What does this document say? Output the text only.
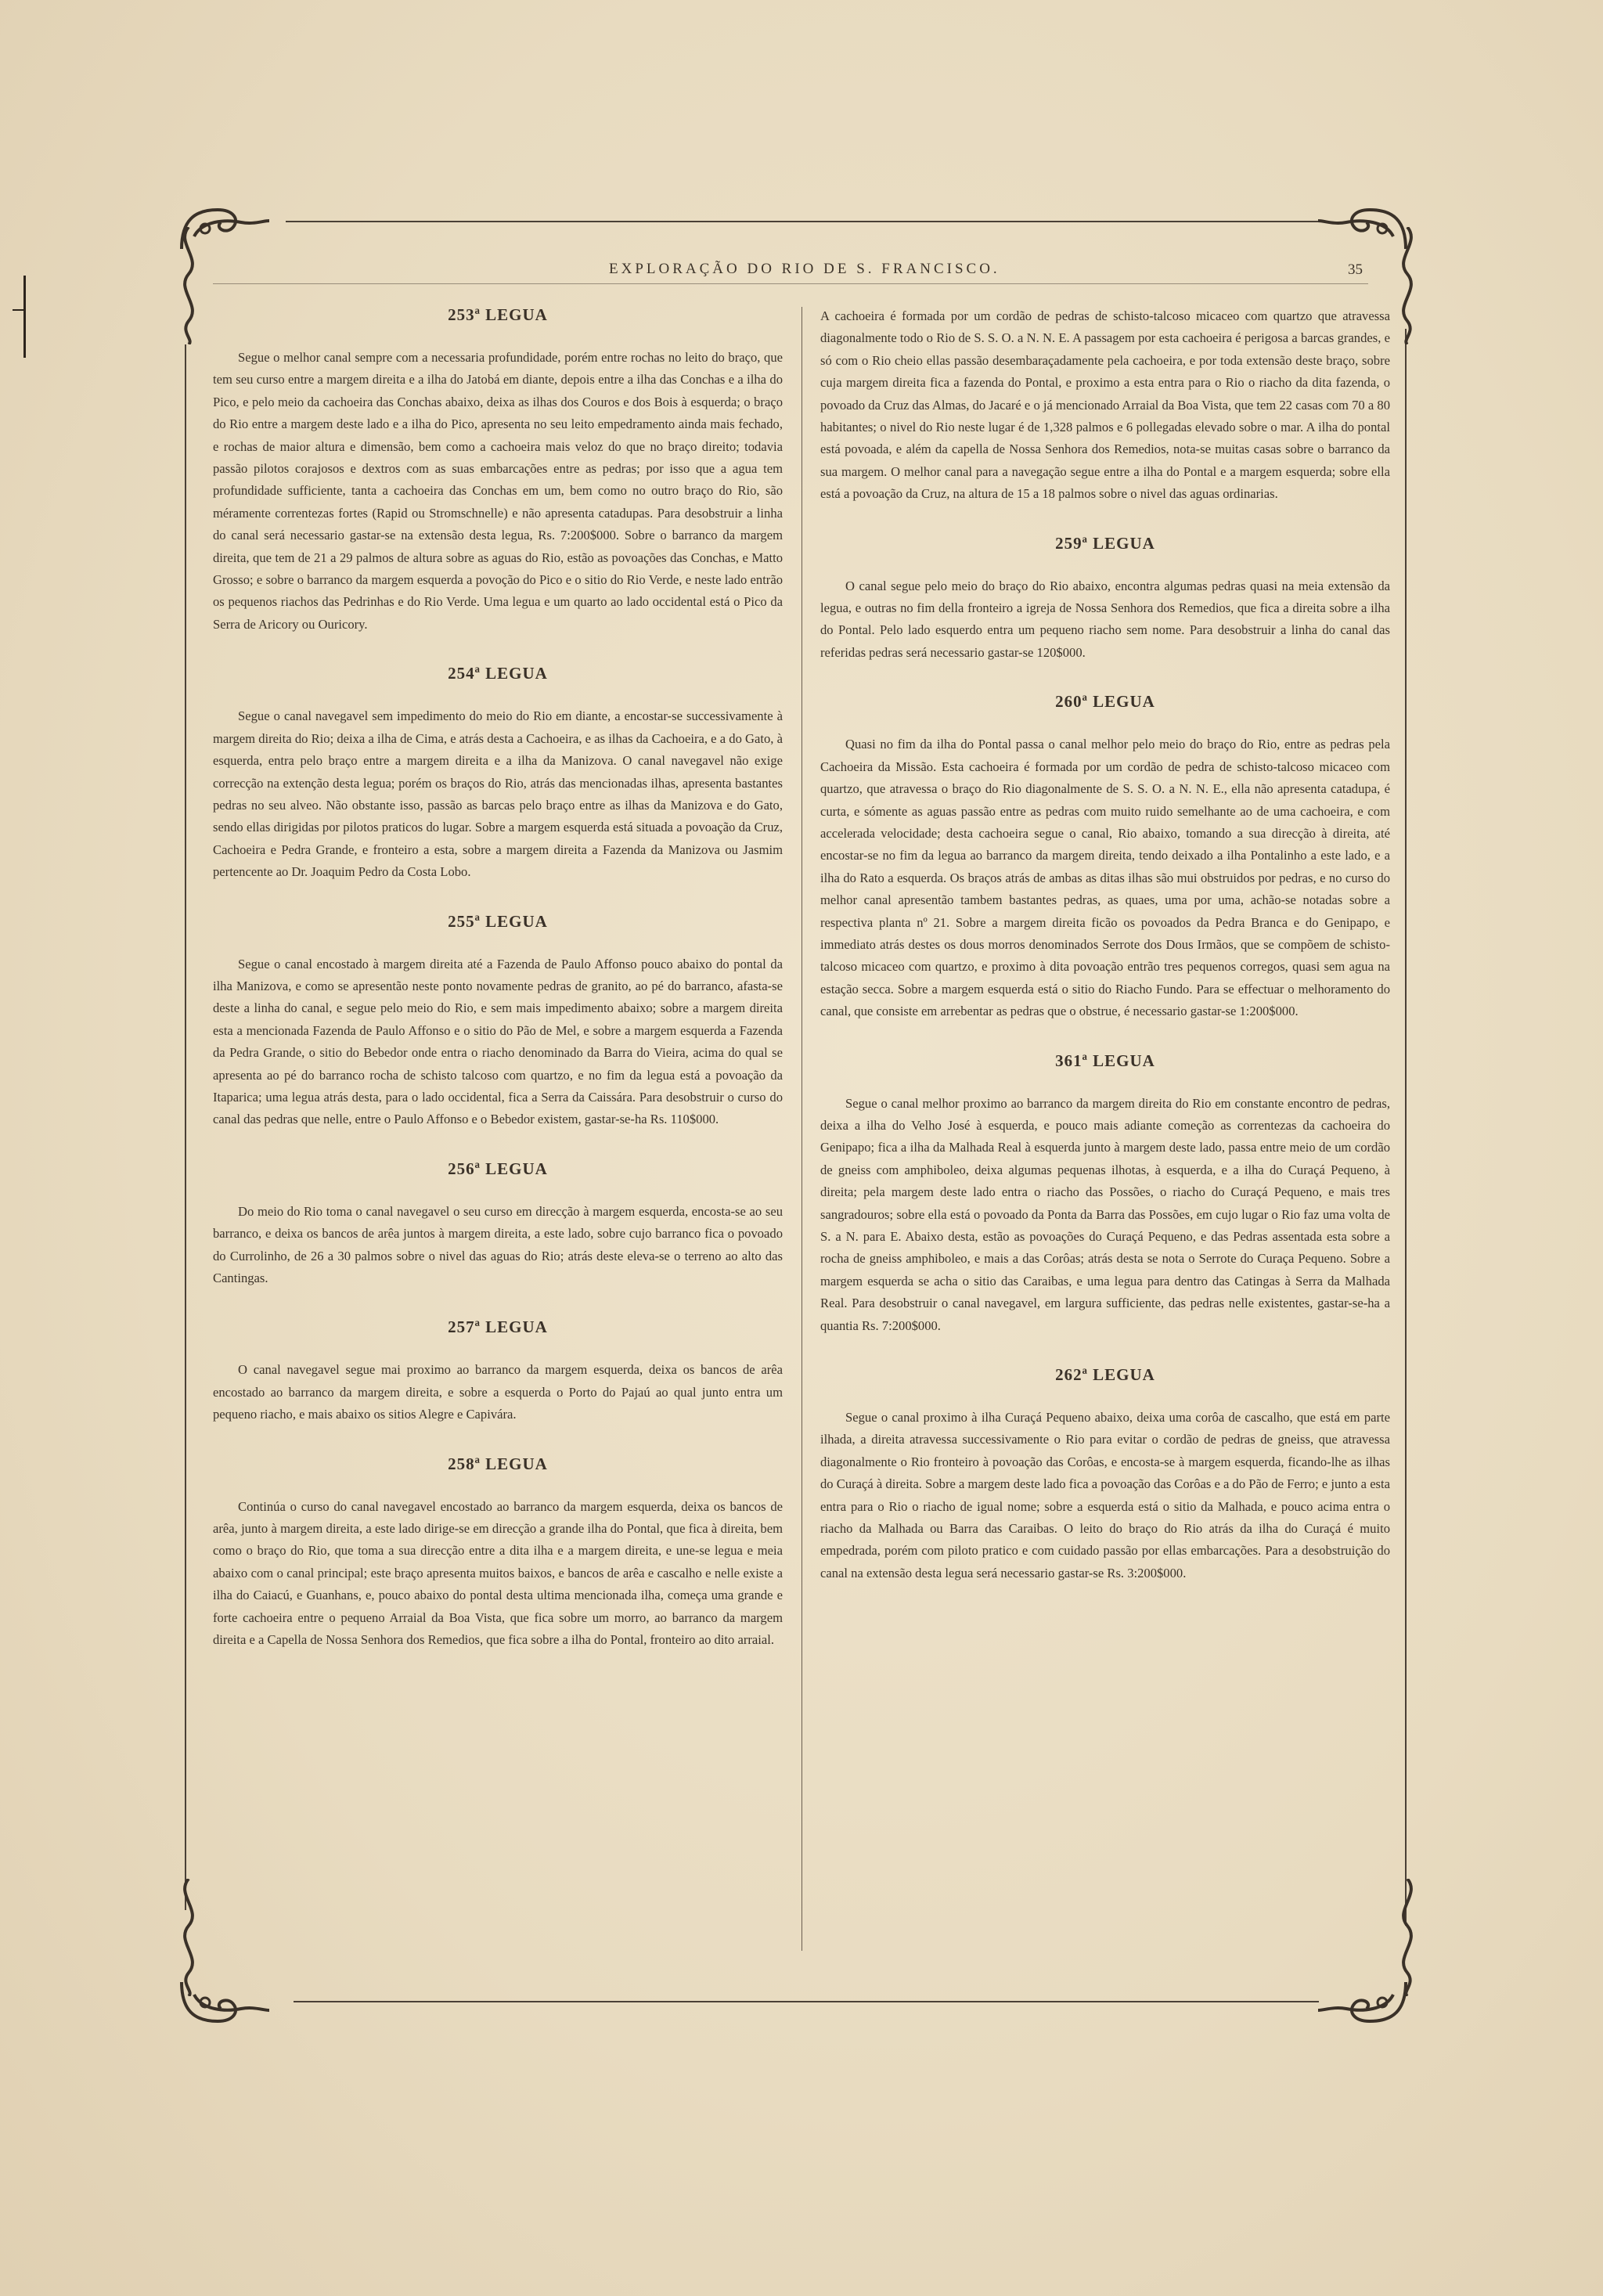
EXPLORAÇÃO DO RIO DE S. FRANCISCO.	35
253ª LEGUA

Segue o melhor canal sempre com a necessaria profundidade, porém entre rochas no leito do braço, que tem seu curso entre a margem direita e a ilha do Jatobá em diante, depois entre a ilha das Conchas e a ilha do Pico, e pelo meio da cachoeira das Conchas abaixo, deixa as ilhas dos Couros e dos Bois à esquerda; o braço do Rio entre a margem deste lado e a ilha do Pico, apresenta no seu leito empedramento ainda mais fechado, e rochas de maior altura e dimensão, bem como a cachoeira mais veloz do que no braço direito; todavia passão pilotos corajosos e dextros com as suas embarcações entre as pedras; por isso que a agua tem profundidade sufficiente, tanta a cachoeira das Conchas em um, bem como no outro braço do Rio, são méramente correntezas fortes (Rapid ou Stromschnelle) e não apresenta catadupas. Para desobstruir a linha do canal será necessario gastar-se na extensão desta legua, Rs. 7:200$000. Sobre o barranco da margem direita, que tem de 21 a 29 palmos de altura sobre as aguas do Rio, estão as povoações das Conchas, e Matto Grosso; e sobre o barranco da margem esquerda a povoção do Pico e o sitio do Rio Verde, e neste lado entrão os pequenos riachos das Pedrinhas e do Rio Verde. Uma legua e um quarto ao lado occidental está o Pico da Serra de Aricory ou Ouricory.

254ª LEGUA

Segue o canal navegavel sem impedimento do meio do Rio em diante, a encostar-se successivamente à margem direita do Rio; deixa a ilha de Cima, e atrás desta a Cachoeira, e as ilhas da Cachoeira, e a do Gato, à esquerda, entra pelo braço entre a margem direita e a ilha da Manizova. O canal navegavel não exige correcção na extenção desta legua; porém os braços do Rio, atrás das mencionadas ilhas, apresenta bastantes pedras no seu alveo. Não obstante isso, passão as barcas pelo braço entre as ilhas da Manizova e do Gato, sendo ellas dirigidas por pilotos praticos do lugar. Sobre a margem esquerda está situada a povoação da Cruz, Cachoeira e Pedra Grande, e fronteiro a esta, sobre a margem direita a Fazenda da Manizova ou Jasmim pertencente ao Dr. Joaquim Pedro da Costa Lobo.

255ª LEGUA

Segue o canal encostado à margem direita até a Fazenda de Paulo Affonso pouco abaixo do pontal da ilha Manizova, e como se apresentão neste ponto novamente pedras de granito, ao pé do barranco, afasta-se deste a linha do canal, e segue pelo meio do Rio, e sem mais impedimento abaixo; sobre a margem direita esta a mencionada Fazenda de Paulo Affonso e o sitio do Pão de Mel, e sobre a margem esquerda a Fazenda da Pedra Grande, o sitio do Bebedor onde entra o riacho denominado da Barra do Vieira, acima do qual se apresenta ao pé do barranco rocha de schisto talcoso com quartzo, e no fim da legua está a povoação da Itaparica; uma legua atrás desta, para o lado occidental, fica a Serra da Caissára. Para desobstruir o curso do canal das pedras que nelle, entre o Paulo Affonso e o Bebedor existem, gastar-se-ha Rs. 110$000.

256ª LEGUA

Do meio do Rio toma o canal navegavel o seu curso em direcção à margem esquerda, encosta-se ao seu barranco, e deixa os bancos de arêa juntos à margem direita, a este lado, sobre cujo barranco fica o povoado do Currolinho, de 26 a 30 palmos sobre o nivel das aguas do Rio; atrás deste eleva-se o terreno ao alto das Cantingas.

257ª LEGUA

O canal navegavel segue mai proximo ao barranco da margem esquerda, deixa os bancos de arêa encostado ao barranco da margem direita, e sobre a esquerda o Porto do Pajaú ao qual junto entra um pequeno riacho, e mais abaixo os sitios Alegre e Capivára.

258ª LEGUA

Continúa o curso do canal navegavel encostado ao barranco da margem esquerda, deixa os bancos de arêa, junto à margem direita, a este lado dirige-se em direcção a grande ilha do Pontal, que fica à direita, bem como o braço do Rio, que toma a sua direcção entre a dita ilha e a margem direita, e une-se legua e meia abaixo com o canal principal; este braço apresenta muitos baixos, e bancos de arêa e cascalho e nelle existe a ilha do Caiacú, e Guanhans, e, pouco abaixo do pontal desta ultima mencionada ilha, começa uma grande e forte cachoeira entre o pequeno Arraial da Boa Vista, que fica sobre um morro, ao barranco da margem direita e a Capella de Nossa Senhora dos Remedios, que fica sobre a ilha do Pontal, fronteiro ao dito arraial.

A cachoeira é formada por um cordão de pedras de schisto-talcoso micaceo com quartzo que atravessa diagonalmente todo o Rio de S. S. O. a N. N. E. A passagem por esta cachoeira é perigosa a barcas grandes, e só com o Rio cheio ellas passão desembaraçadamente pela cachoeira, e por toda extensão deste braço, sobre cuja margem direita fica a fazenda do Pontal, e proximo a esta entra para o Rio o riacho da dita fazenda, o povoado da Cruz das Almas, do Jacaré e o já mencionado Arraial da Boa Vista, que tem 22 casas com 70 a 80 habitantes; o nivel do Rio neste lugar é de 1,328 palmos e 6 pollegadas elevado sobre o mar. A ilha do pontal está povoada, e além da capella de Nossa Senhora dos Remedios, nota-se muitas casas sobre o barranco da sua margem. O melhor canal para a navegação segue entre a ilha do Pontal e a margem esquerda; sobre ella está a povoação da Cruz, na altura de 15 a 18 palmos sobre o nivel das aguas ordinarias.

259ª LEGUA

O canal segue pelo meio do braço do Rio abaixo, encontra algumas pedras quasi na meia extensão da legua, e outras no fim della fronteiro a igreja de Nossa Senhora dos Remedios, que fica a direita sobre a ilha do Pontal. Pelo lado esquerdo entra um pequeno riacho sem nome. Para desobstruir a linha do canal das referidas pedras será necessario gastar-se 120$000.

260ª LEGUA

Quasi no fim da ilha do Pontal passa o canal melhor pelo meio do braço do Rio, entre as pedras pela Cachoeira da Missão. Esta cachoeira é formada por um cordão de pedra de schisto-talcoso micaceo com quartzo, que atravessa o braço do Rio diagonalmente de S. S. O. a N. N. E., ella não apresenta catadupa, é curta, e sómente as aguas passão entre as pedras com muito ruido semelhante ao de uma cachoeira, e com accelerada velocidade; desta cachoeira segue o canal, Rio abaixo, tomando a sua direcção à direita, até encostar-se no fim da legua ao barranco da margem direita, tendo deixado a ilha Pontalinho a este lado, e a ilha do Rato a esquerda. Os braços atrás de ambas as ditas ilhas são mui obstruidos por pedras, e no curso do melhor canal apresentão tambem bastantes pedras, as quaes, uma por uma, achão-se notadas sobre a respectiva planta nº 21. Sobre a margem direita ficão os povoados da Pedra Branca e do Genipapo, e immediato atrás destes os dous morros denominados Serrote dos Dous Irmãos, que se compõem de schisto-talcoso micaceo com quartzo, e proximo à dita povoação entrão tres pequenos corregos, quasi sem agua na estação secca. Sobre a margem esquerda está o sitio do Riacho Fundo. Para se effectuar o melhoramento do canal, que consiste em arrebentar as pedras que o obstrue, é necessario gastar-se 1:200$000.

361ª LEGUA

Segue o canal melhor proximo ao barranco da margem direita do Rio em constante encontro de pedras, deixa a ilha do Velho José à esquerda, e pouco mais adiante começão as correntezas da cachoeira do Genipapo; fica a ilha da Malhada Real à esquerda junto à margem deste lado, passa entre meio de um cordão de gneiss com amphiboleo, deixa algumas pequenas ilhotas, à esquerda, e a ilha do Curaçá Pequeno, à direita; pela margem deste lado entra o riacho das Possões, o riacho do Curaçá Pequeno, e mais tres sangradouros; sobre ella está o povoado da Ponta da Barra das Possões, em cujo lugar o Rio faz uma volta de S. a N. para E. Abaixo desta, estão as povoações do Curaçá Pequeno, e das Pedras assentada esta sobre a rocha de gneiss amphiboleo, e mais a das Corôas; atrás desta se nota o Serrote do Curaça Pequeno. Sobre a margem esquerda se acha o sitio das Caraibas, e uma legua para dentro das Catingas à Serra da Malhada Real. Para desobstruir o canal navegavel, em largura sufficiente, das pedras nelle existentes, gastar-se-ha a quantia Rs. 7:200$000.

262ª LEGUA

Segue o canal proximo à ilha Curaçá Pequeno abaixo, deixa uma corôa de cascalho, que está em parte ilhada, a direita atravessa successivamente o Rio para evitar o cordão de pedras de gneiss, que atravessa diagonalmente o Rio fronteiro à povoação das Corôas, e encosta-se à margem esquerda, ficando-lhe as ilhas do Curaçá à direita. Sobre a margem deste lado fica a povoação das Corôas e a do Pão de Ferro; e junto a esta entra para o Rio o riacho de igual nome; sobre a esquerda está o sitio da Malhada, e pouco acima entra o riacho da Malhada ou Barra das Caraibas. O leito do braço do Rio atrás da ilha do Curaçá é muito empedrada, porém com piloto pratico e com cuidado passão por ellas embarcações. Para a desobstruição do canal na extensão desta legua será necessario gastar-se Rs. 3:200$000.
